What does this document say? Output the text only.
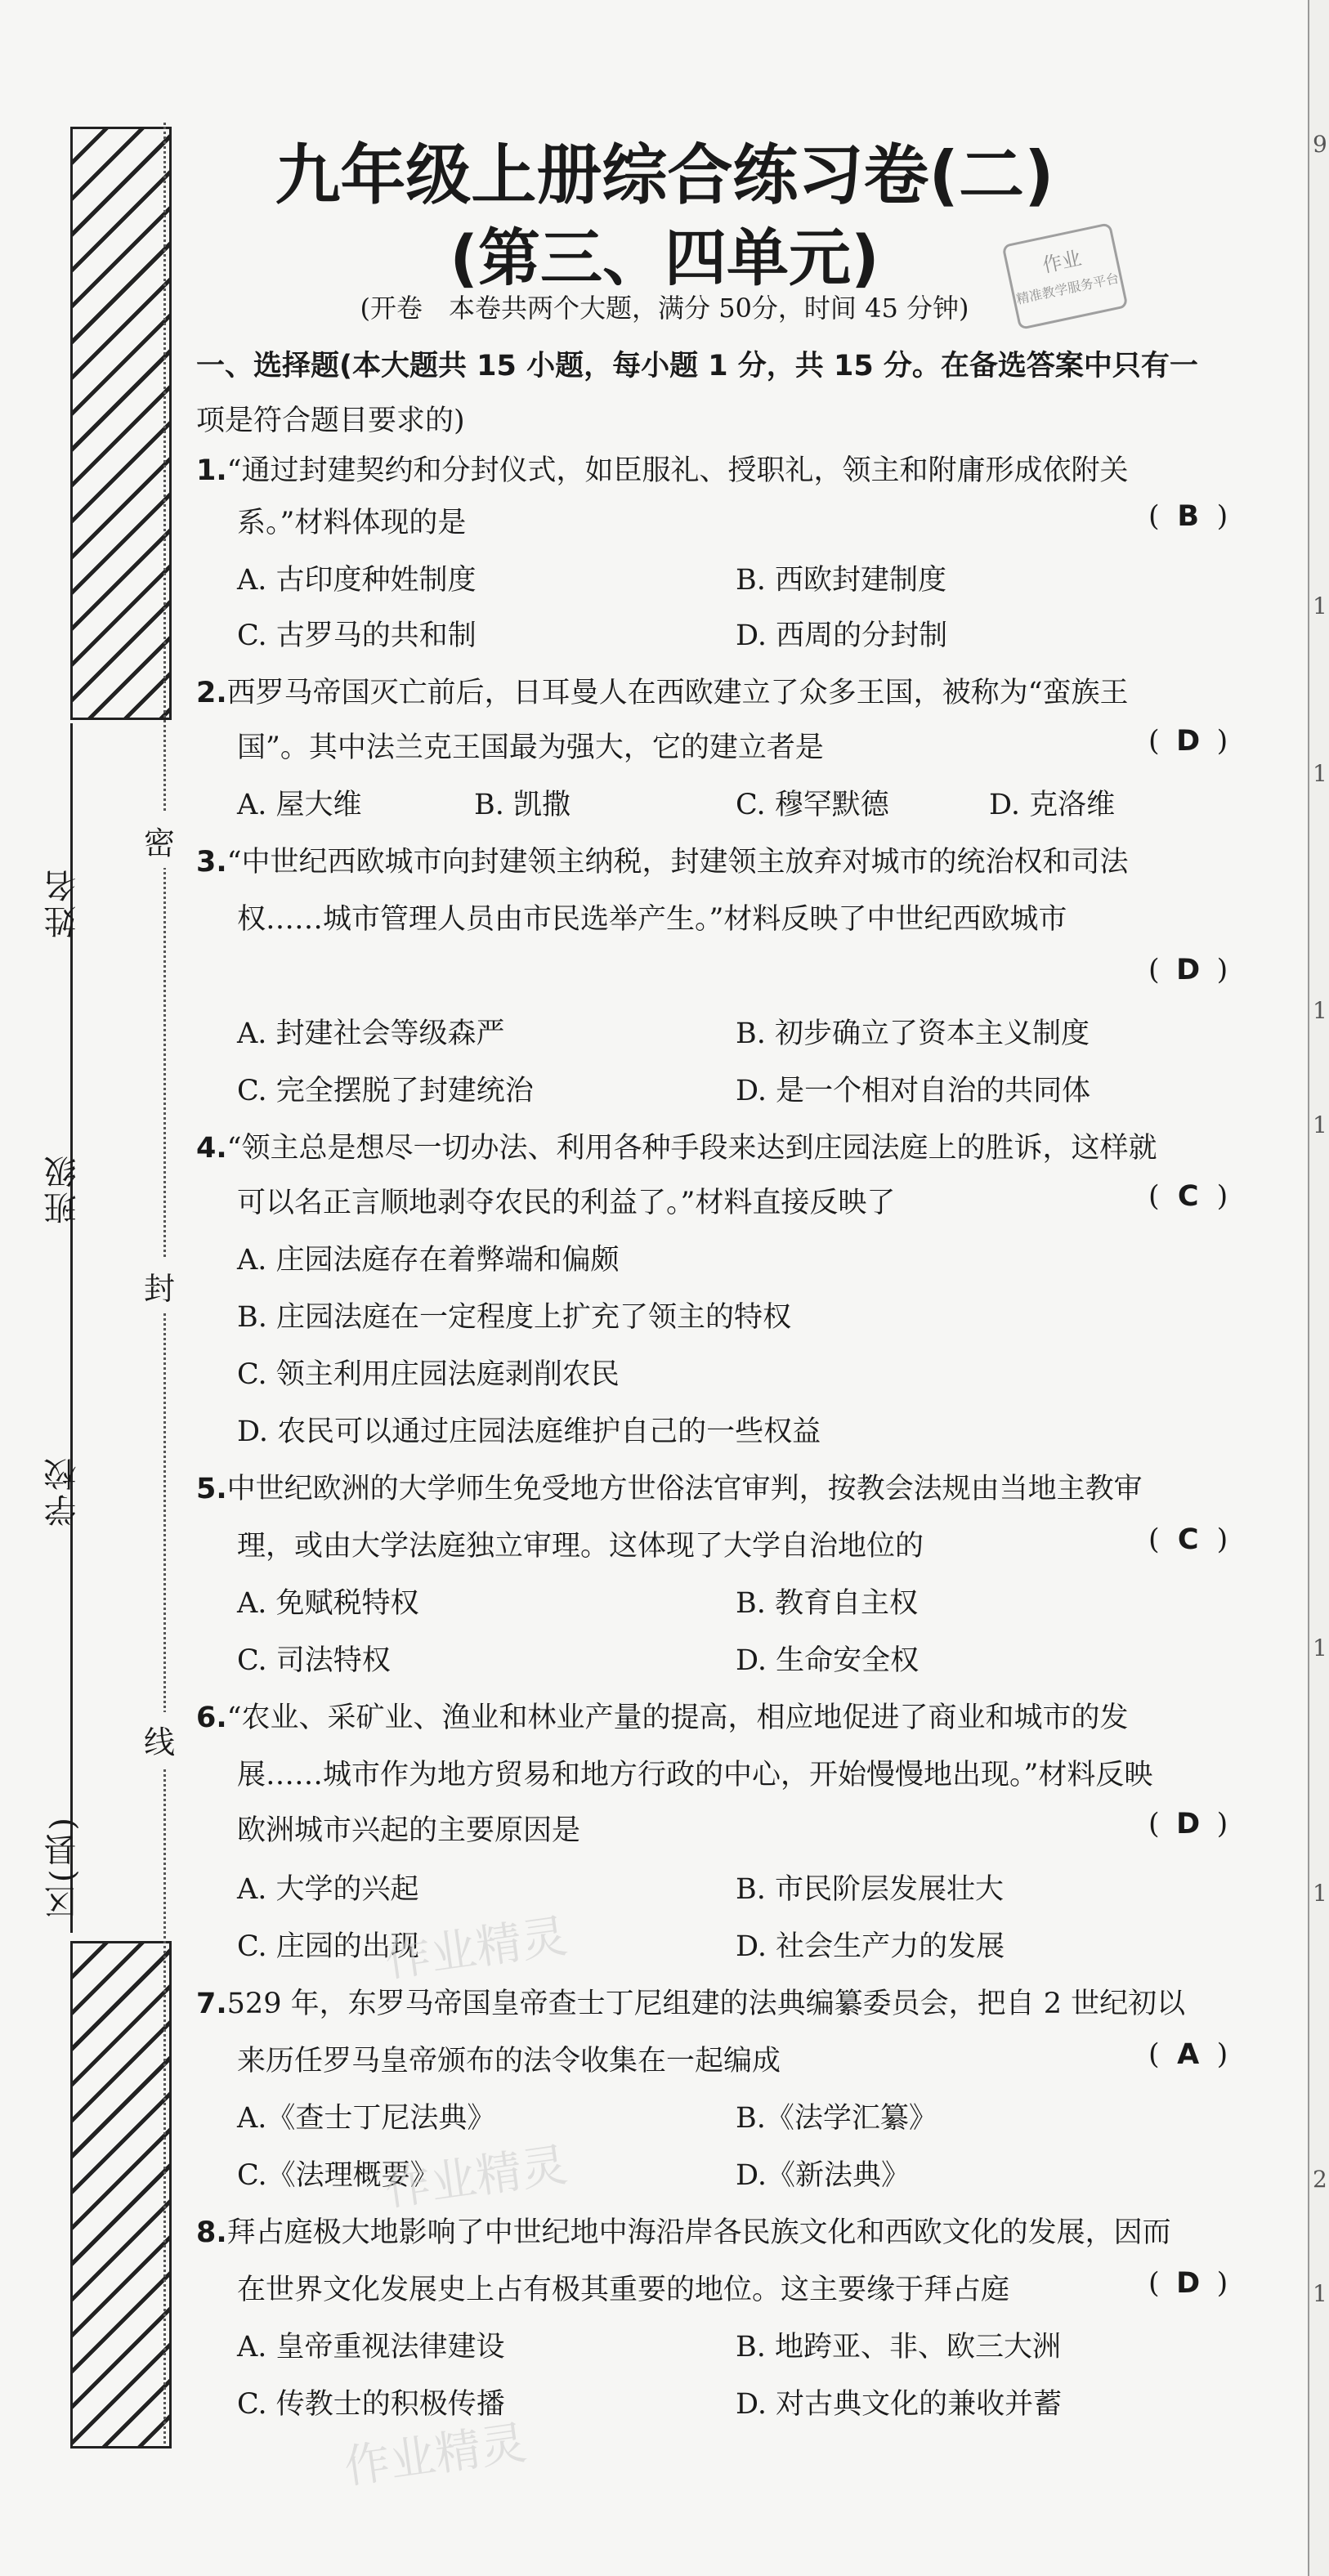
姓名
班级
学校
区(县)
密
封
线
9
1
1
1
1
1
1
2
1
九年级上册综合练习卷(二)
(第三、四单元)
(开卷　本卷共两个大题，满分 50分，时间 45 分钟)
作业
精准教学服务平台
一、选择题(本大题共 15 小题，每小题 1 分，共 15 分。在备选答案中只有一
项是符合题目要求的)
1.“通过封建契约和分封仪式，如臣服礼、授职礼，领主和附庸形成依附关
系。”材料体现的是	( B )
A. 古印度种姓制度	B. 西欧封建制度
C. 古罗马的共和制	D. 西周的分封制
2.西罗马帝国灭亡前后，日耳曼人在西欧建立了众多王国，被称为“蛮族王
国”。其中法兰克王国最为强大，它的建立者是	( D )
A. 屋大维	B. 凯撒	C. 穆罕默德	D. 克洛维
3.“中世纪西欧城市向封建领主纳税，封建领主放弃对城市的统治权和司法
权……城市管理人员由市民选举产生。”材料反映了中世纪西欧城市
( D )
A. 封建社会等级森严	B. 初步确立了资本主义制度
C. 完全摆脱了封建统治	D. 是一个相对自治的共同体
4.“领主总是想尽一切办法、利用各种手段来达到庄园法庭上的胜诉，这样就
可以名正言顺地剥夺农民的利益了。”材料直接反映了	( C )
A. 庄园法庭存在着弊端和偏颇
B. 庄园法庭在一定程度上扩充了领主的特权
C. 领主利用庄园法庭剥削农民
D. 农民可以通过庄园法庭维护自己的一些权益
5.中世纪欧洲的大学师生免受地方世俗法官审判，按教会法规由当地主教审
理，或由大学法庭独立审理。这体现了大学自治地位的	( C )
A. 免赋税特权	B. 教育自主权
C. 司法特权	D. 生命安全权
6.“农业、采矿业、渔业和林业产量的提高，相应地促进了商业和城市的发
展……城市作为地方贸易和地方行政的中心，开始慢慢地出现。”材料反映
欧洲城市兴起的主要原因是	( D )
A. 大学的兴起	B. 市民阶层发展壮大
C. 庄园的出现	D. 社会生产力的发展
作业精灵
7.529 年，东罗马帝国皇帝查士丁尼组建的法典编纂委员会，把自 2 世纪初以
来历任罗马皇帝颁布的法令收集在一起编成	( A )
A.《查士丁尼法典》	B.《法学汇纂》
C.《法理概要》	D.《新法典》
作业精灵
8.拜占庭极大地影响了中世纪地中海沿岸各民族文化和西欧文化的发展，因而
在世界文化发展史上占有极其重要的地位。这主要缘于拜占庭	( D )
A. 皇帝重视法律建设	B. 地跨亚、非、欧三大洲
C. 传教士的积极传播	D. 对古典文化的兼收并蓄
作业精灵
